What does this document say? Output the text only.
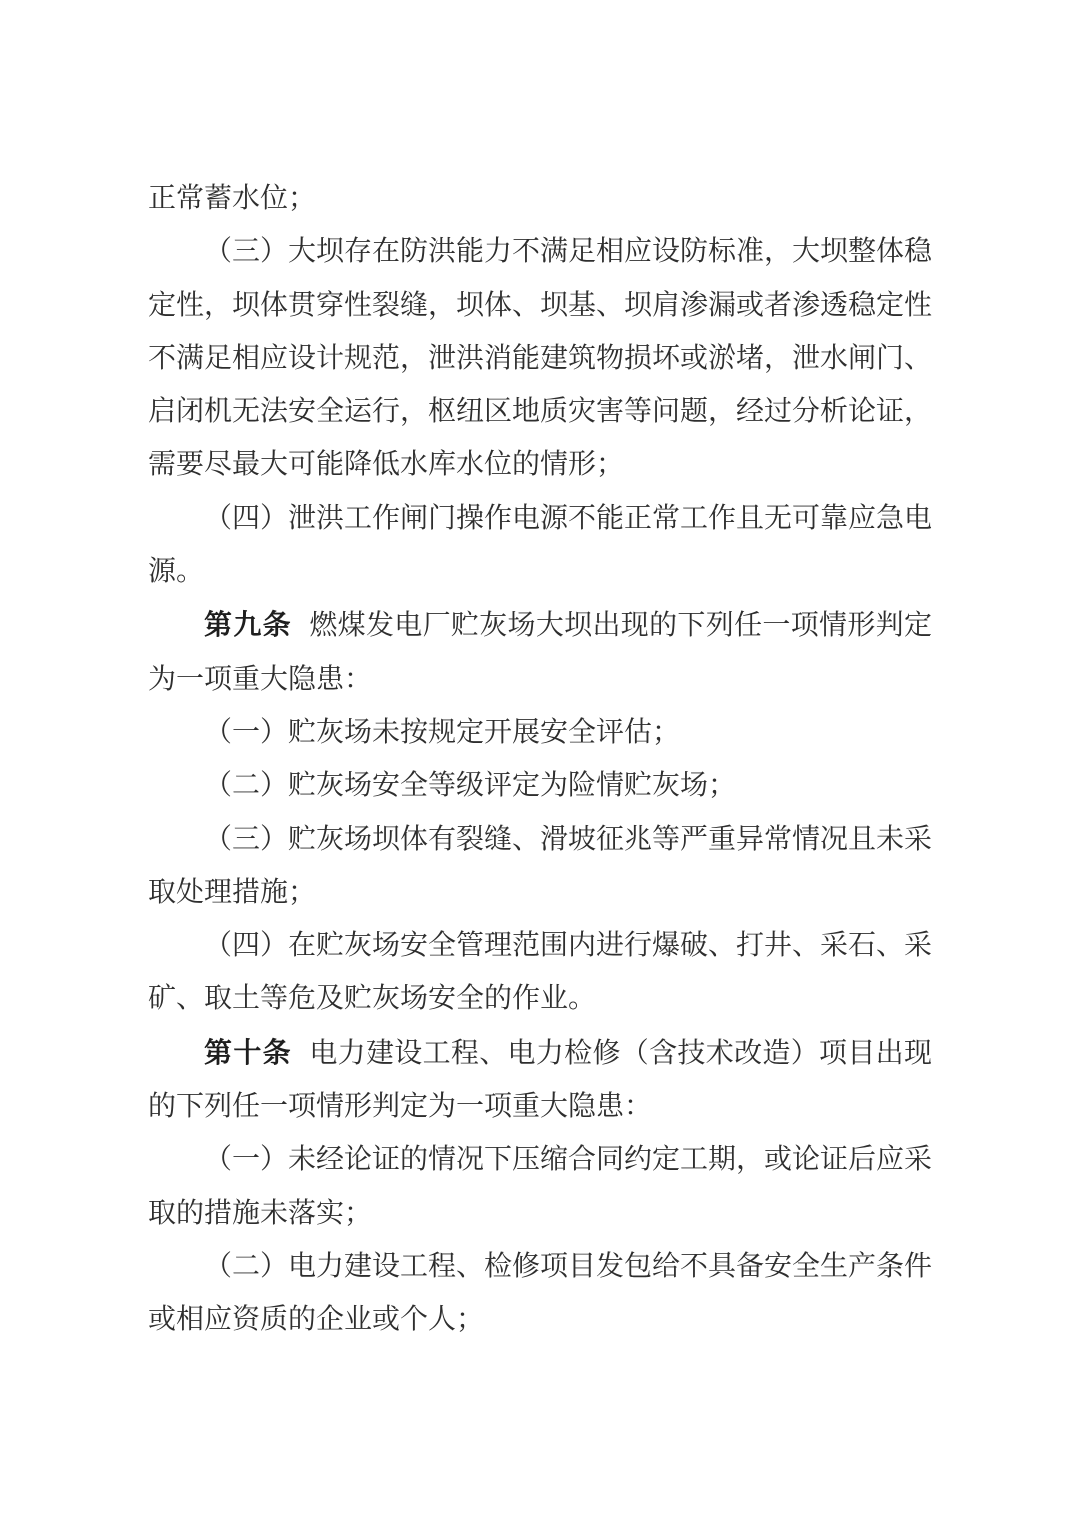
正常蓄水位；

（三）大坝存在防洪能力不满足相应设防标准，大坝整体稳定性，坝体贯穿性裂缝，坝体、坝基、坝肩渗漏或者渗透稳定性不满足相应设计规范，泄洪消能建筑物损坏或淤堵，泄水闸门、启闭机无法安全运行，枢纽区地质灾害等问题，经过分析论证，需要尽最大可能降低水库水位的情形；

（四）泄洪工作闸门操作电源不能正常工作且无可靠应急电源。

第九条 燃煤发电厂贮灰场大坝出现的下列任一项情形判定为一项重大隐患：

（一）贮灰场未按规定开展安全评估；

（二）贮灰场安全等级评定为险情贮灰场；

（三）贮灰场坝体有裂缝、滑坡征兆等严重异常情况且未采取处理措施；

（四）在贮灰场安全管理范围内进行爆破、打井、采石、采矿、取土等危及贮灰场安全的作业。

第十条 电力建设工程、电力检修（含技术改造）项目出现的下列任一项情形判定为一项重大隐患：

（一）未经论证的情况下压缩合同约定工期，或论证后应采取的措施未落实；

（二）电力建设工程、检修项目发包给不具备安全生产条件或相应资质的企业或个人；
